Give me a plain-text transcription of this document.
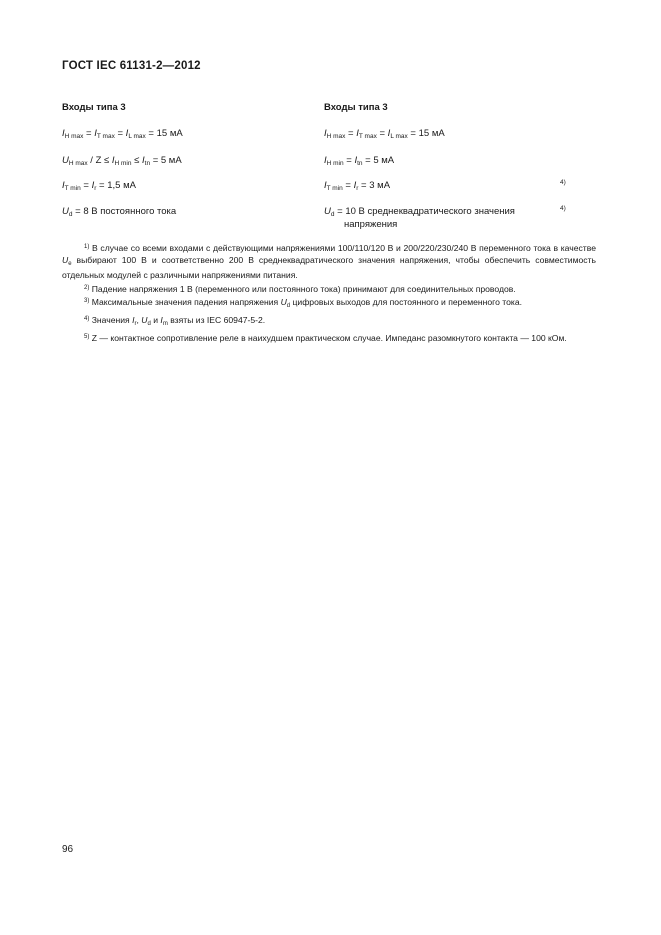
ГОСТ IEC 61131-2—2012
Входы типа 3
$I_{H max} = I_{T max} = I_{L max} = 15$ мА
$U_{H max} / Z \le I_{H min} \le I_{tn} = 5$ мА
$I_{T min} = I_r = 1,5$ мА
$U_d = 8$ В постоянного тока
Входы типа 3
$I_{H max} = I_{T max} = I_{L max} = 15$ мА
$I_{H min} = I_{tn} = 5$ мА
$I_{T min} = I_r = 3$ мА	4)
$U_d = 10$ В среднеквадратического значения
напряжения
4)

$^{1)}$ В случае со всеми входами с действующими напряжениями 100/110/120 В и 200/220/230/240 В переменного тока в качестве $U_e$ выбирают 100 В и соответственно 200 В среднеквадратического значения напряжения, чтобы обеспечить совместимость отдельных модулей с различными напряжениями питания.

$^{2)}$ Падение напряжения 1 В (переменного или постоянного тока) принимают для соединительных проводов.

$^{3)}$ Максимальные значения падения напряжения $U_d$ цифровых выходов для постоянного и переменного тока.

$^{4)}$ Значения $I_r$, $U_d$ и $I_m$ взяты из IEC 60947-5-2.

$^{5)}$ Z — контактное сопротивление реле в наихудшем практическом случае. Импеданс разомкнутого контакта — 100 кОм.

96
